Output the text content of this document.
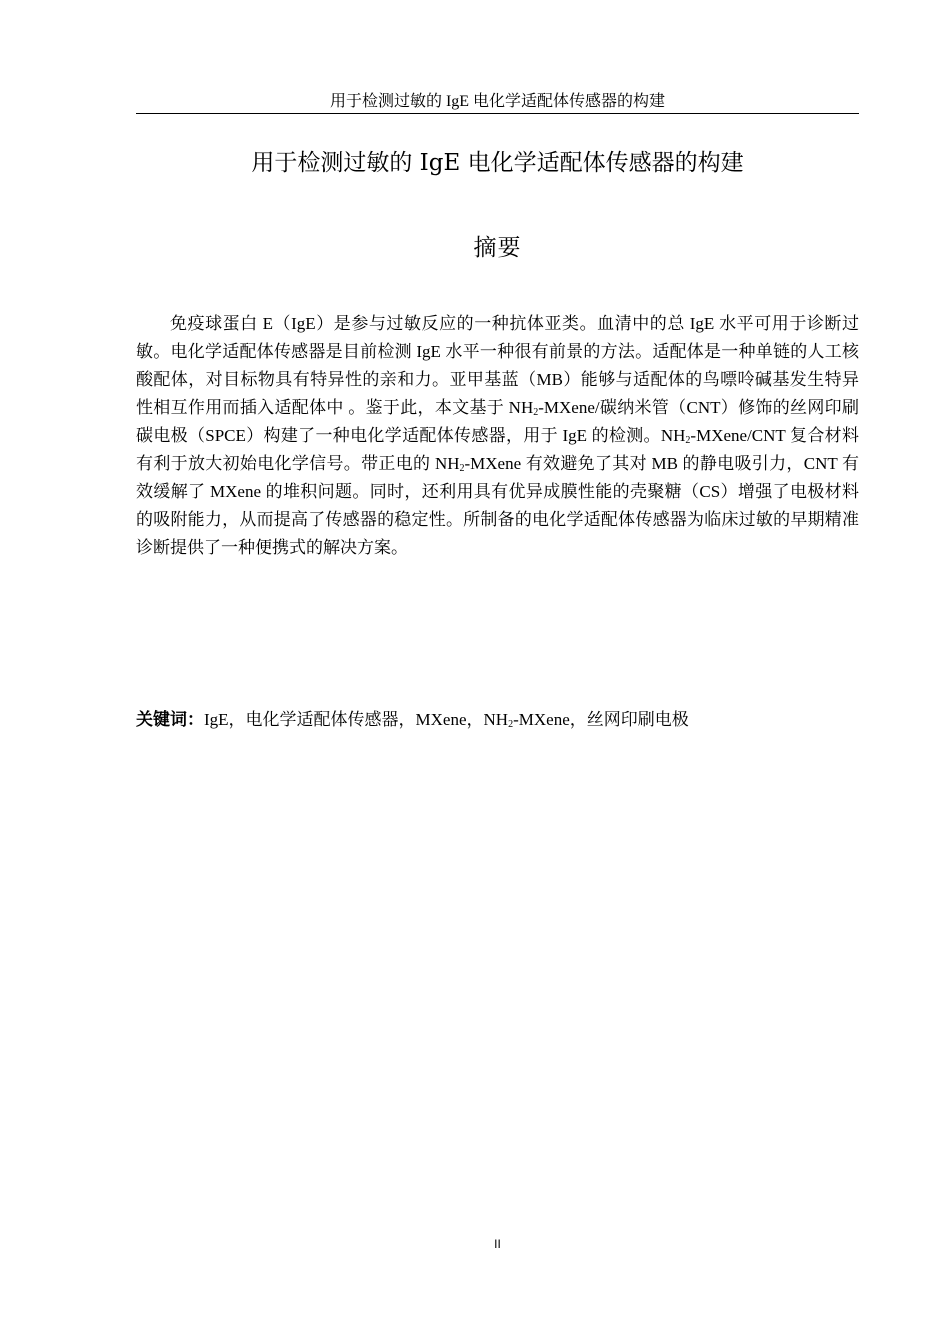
用于检测过敏的 IgE 电化学适配体传感器的构建
用于检测过敏的 IgE 电化学适配体传感器的构建
摘要

免疫球蛋白 E（IgE）是参与过敏反应的一种抗体亚类。血清中的总 IgE 水平可用于诊断过敏。电化学适配体传感器是目前检测 IgE 水平一种很有前景的方法。适配体是一种单链的人工核酸配体，对目标物具有特异性的亲和力。亚甲基蓝（MB）能够与适配体的鸟嘌呤碱基发生特异性相互作用而插入适配体中 。鉴于此，本文基于 $NH_2-MXene/$碳纳米管（CNT）修饰的丝网印刷碳电极（SPCE）构建了一种电化学适配体传感器，用于 IgE 的检测。$NH_2-MXene$/CNT 复合材料有利于放大初始电化学信号。带正电的 $NH_2$-MXene 有效避免了其对 MB 的静电吸引力，CNT 有效缓解了 MXene 的堆积问题。同时，还利用具有优异成膜性能的壳聚糖（CS）增强了电极材料的吸附能力，从而提高了传感器的稳定性。所制备的电化学适配体传感器为临床过敏的早期精准诊断提供了一种便携式的解决方案。

关键词：IgE，电化学适配体传感器，MXene，$NH_2$-MXene，丝网印刷电极
II
